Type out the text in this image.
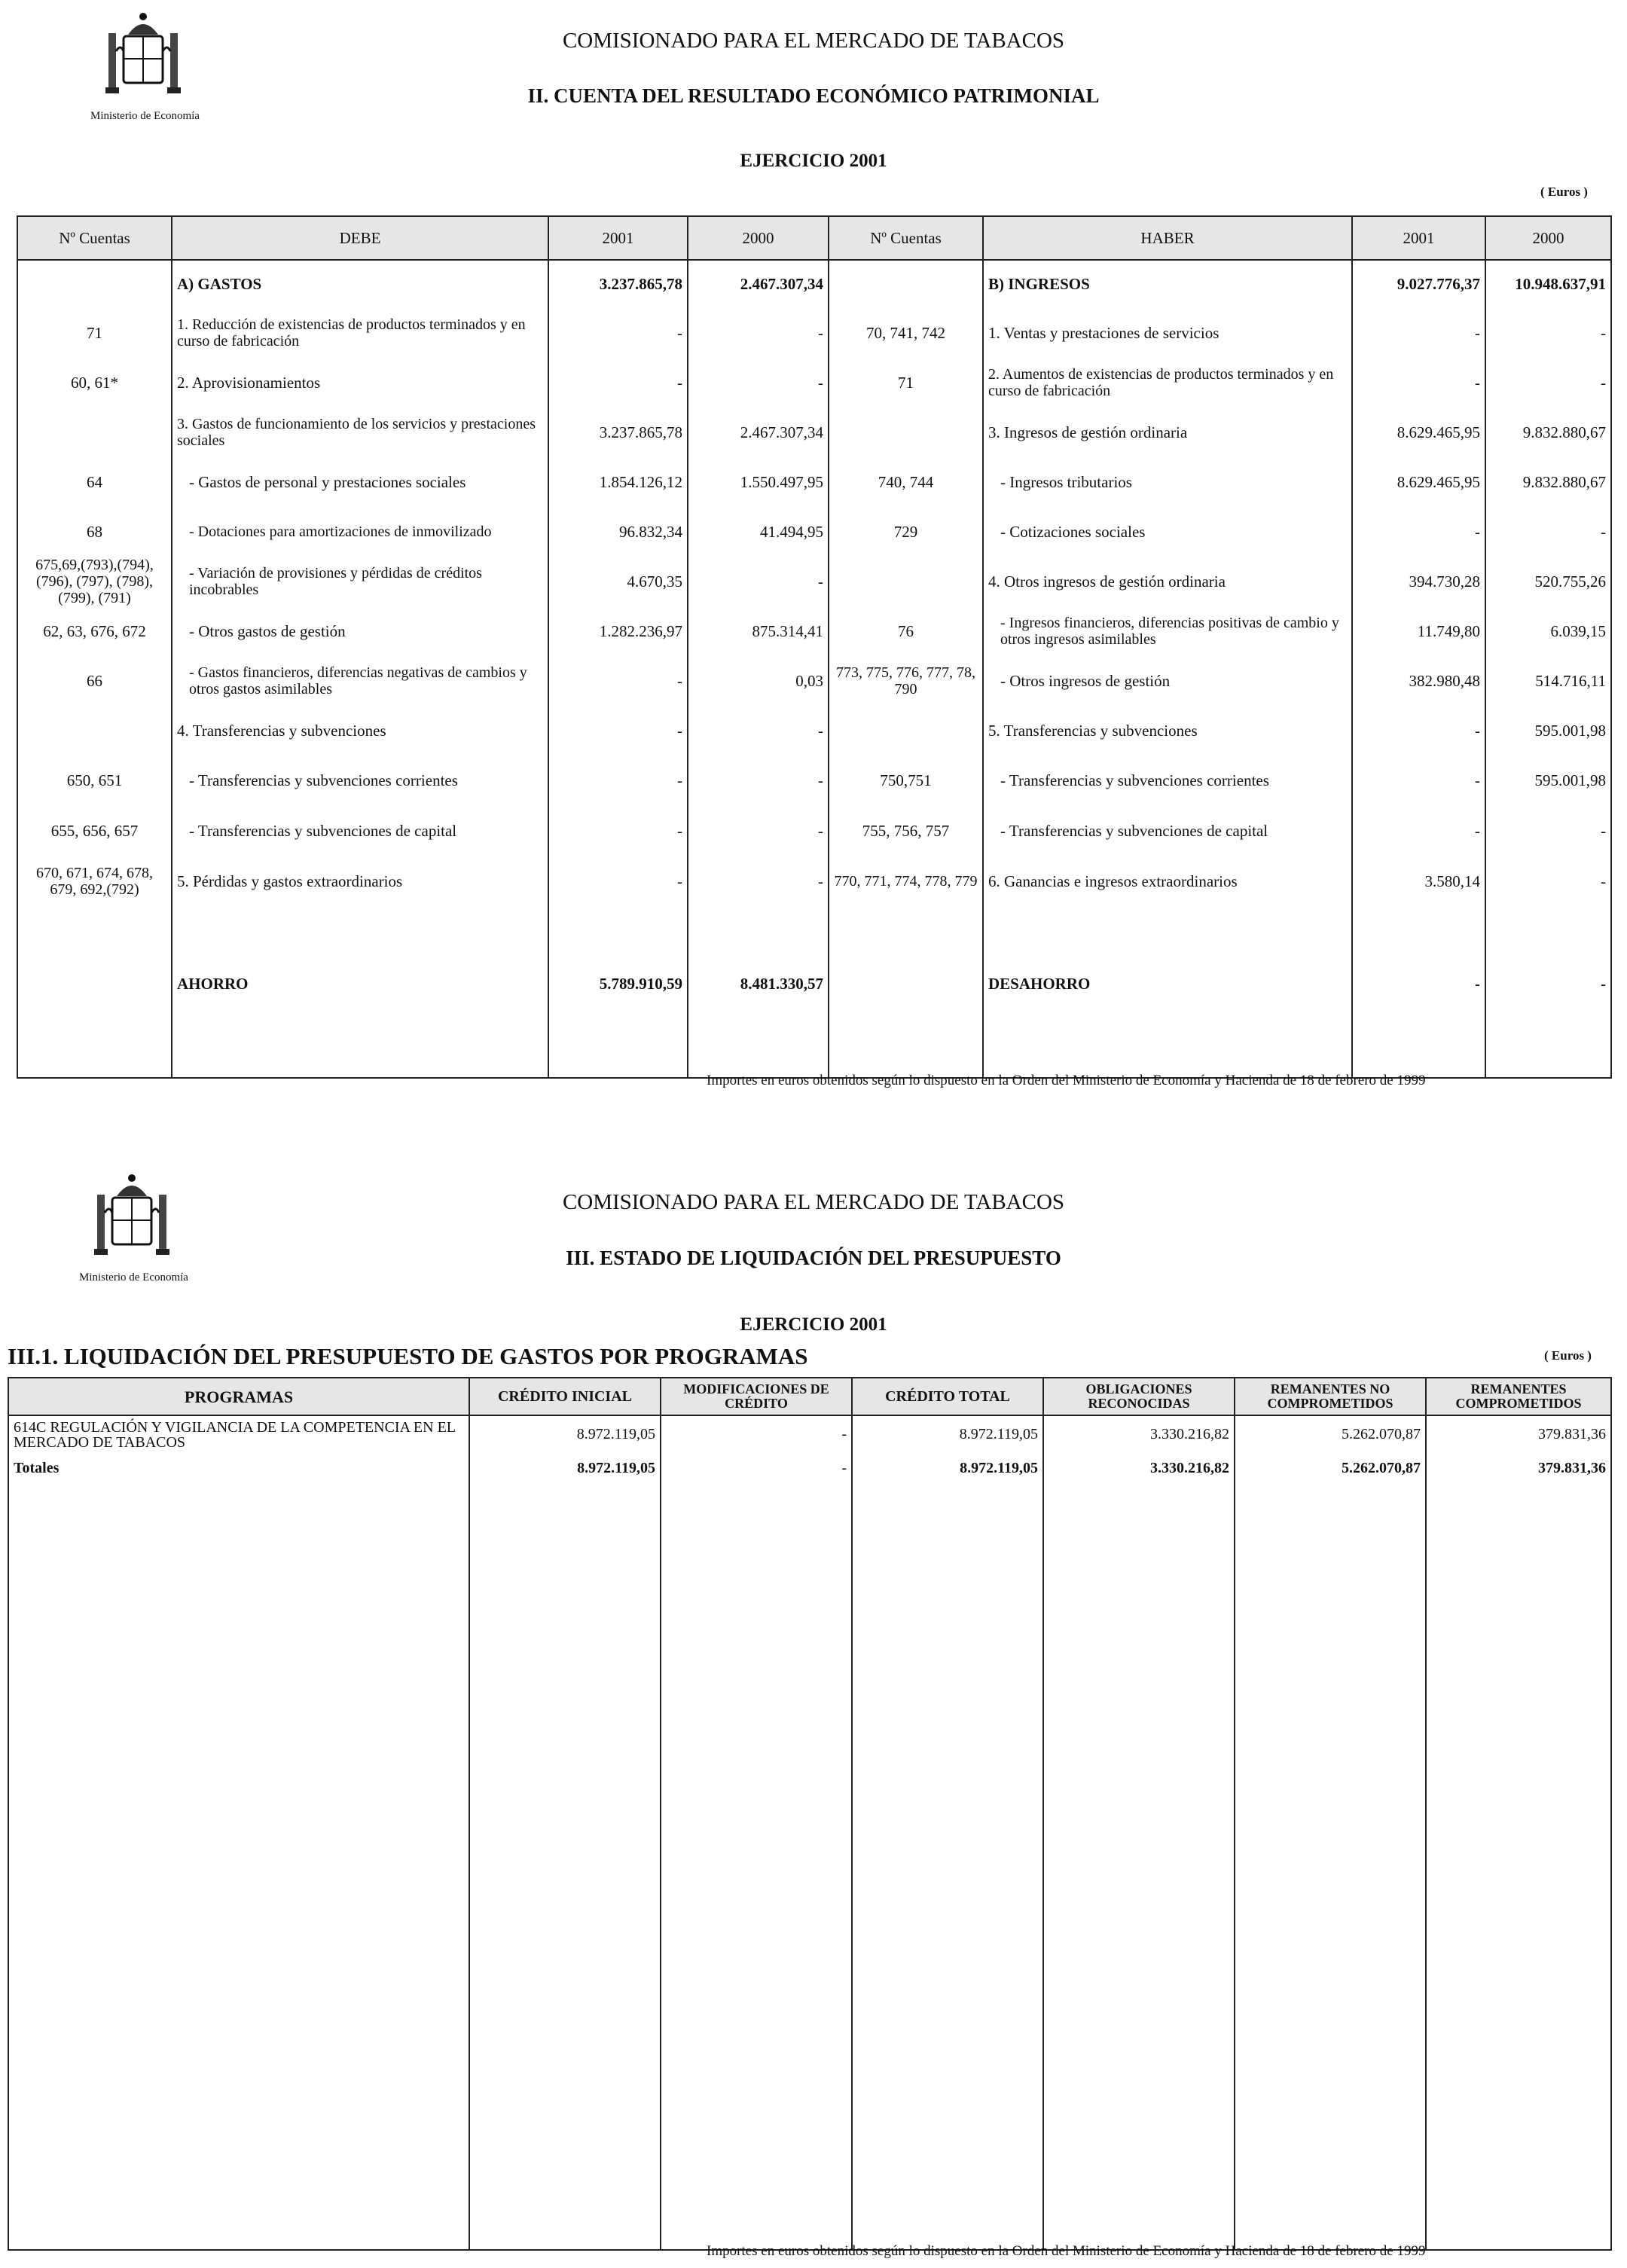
Ministerio de Economía
COMISIONADO PARA EL MERCADO DE TABACOS
II. CUENTA DEL RESULTADO ECONÓMICO PATRIMONIAL
EJERCICIO 2001
( Euros )
Nº Cuentas	DEBE	2001	2000	Nº Cuentas	HABER	2001	2000
	A) GASTOS	3.237.865,78	2.467.307,34		B) INGRESOS	9.027.776,37	10.948.637,91
71	1. Reducción de existencias de productos terminados y en curso de fabricación	-	-	70, 741, 742	1. Ventas y prestaciones de servicios	-	-
60, 61*	2. Aprovisionamientos	-	-	71	2. Aumentos de existencias de productos terminados y en curso de fabricación	-	-
	3. Gastos de funcionamiento de los servicios y prestaciones sociales	3.237.865,78	2.467.307,34		3. Ingresos de gestión ordinaria	8.629.465,95	9.832.880,67
64	- Gastos de personal y prestaciones sociales	1.854.126,12	1.550.497,95	740, 744	- Ingresos tributarios	8.629.465,95	9.832.880,67
68	- Dotaciones para amortizaciones de inmovilizado	96.832,34	41.494,95	729	- Cotizaciones sociales	-	-
675,69,(793),(794), (796), (797), (798), (799), (791)	- Variación de provisiones y pérdidas de créditos incobrables	4.670,35	-		4. Otros ingresos de gestión ordinaria	394.730,28	520.755,26
62, 63, 676, 672	- Otros gastos de gestión	1.282.236,97	875.314,41	76	- Ingresos financieros, diferencias positivas de cambio y otros ingresos asimilables	11.749,80	6.039,15
66	- Gastos financieros, diferencias negativas de cambios y otros gastos asimilables	-	0,03	773, 775, 776, 777, 78, 790	- Otros ingresos de gestión	382.980,48	514.716,11
	4. Transferencias y subvenciones	-	-		5. Transferencias y subvenciones	-	595.001,98
650, 651	- Transferencias y subvenciones corrientes	-	-	750,751	- Transferencias y subvenciones corrientes	-	595.001,98
655, 656, 657	- Transferencias y subvenciones de capital	-	-	755, 756, 757	- Transferencias y subvenciones de capital	-	-
670, 671, 674, 678, 679, 692,(792)	5. Pérdidas y gastos extraordinarios	-	-	770, 771, 774, 778, 779	6. Ganancias e ingresos extraordinarios	3.580,14	-

	AHORRO	5.789.910,59	8.481.330,57		DESAHORRO	-	-

Importes en euros obtenidos según lo dispuesto en la Orden del Ministerio de Economía y Hacienda de 18 de febrero de 1999
Ministerio de Economía
COMISIONADO PARA EL MERCADO DE TABACOS
III. ESTADO DE LIQUIDACIÓN DEL PRESUPUESTO
EJERCICIO 2001
III.1. LIQUIDACIÓN DEL PRESUPUESTO DE GASTOS POR PROGRAMAS	( Euros )
PROGRAMAS	CRÉDITO INICIAL	MODIFICACIONES DE CRÉDITO	CRÉDITO TOTAL	OBLIGACIONES RECONOCIDAS	REMANENTES NO COMPROMETIDOS	REMANENTES COMPROMETIDOS
614C REGULACIÓN Y VIGILANCIA DE LA COMPETENCIA EN EL MERCADO DE TABACOS	8.972.119,05	-	8.972.119,05	3.330.216,82	5.262.070,87	379.831,36
Totales	8.972.119,05	-	8.972.119,05	3.330.216,82	5.262.070,87	379.831,36

Importes en euros obtenidos según lo dispuesto en la Orden del Ministerio de Economía y Hacienda de 18 de febrero de 1999
